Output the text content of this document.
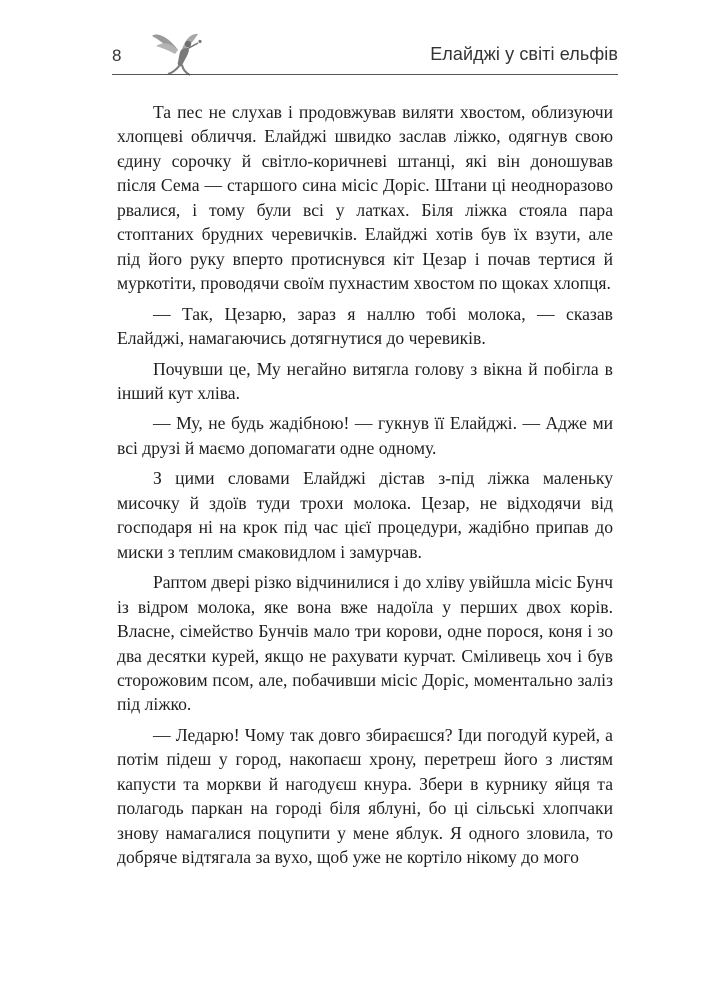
8	Елайджі у світі ельфів

Та пес не слухав і продовжував виляти хвостом, облизуючи хлопцеві обличчя. Елайджі швидко заслав ліжко, одягнув свою єдину сорочку й світло-коричневі штанці, які він доношував після Сема — старшого сина місіс Доріс. Штани ці неодноразово рвалися, і тому були всі у латках. Біля ліжка стояла пара стоптаних брудних черевичків. Елайджі хотів був їх взути, але під його руку вперто протиснувся кіт Цезар і почав тертися й муркотіти, проводячи своїм пухнастим хвостом по щоках хлопця.

— Так, Цезарю, зараз я наллю тобі молока, — сказав Елайджі, намагаючись дотягнутися до черевиків.

Почувши це, Му негайно витягла голову з вікна й побігла в інший кут хліва.

— Му, не будь жадібною! — гукнув її Елайджі. — Адже ми всі друзі й маємо допомагати одне одному.

З цими словами Елайджі дістав з-під ліжка маленьку мисочку й здоїв туди трохи молока. Цезар, не відходячи від господаря ні на крок під час цієї процедури, жадібно припав до миски з теплим смаковидлом і замурчав.

Раптом двері різко відчинилися і до хліву увійшла місіс Бунч із відром молока, яке вона вже надоїла у перших двох корів. Власне, сімейство Бунчів мало три корови, одне порося, коня і зо два десятки курей, якщо не рахувати курчат. Сміливець хоч і був сторожовим псом, але, побачивши місіс Доріс, моментально заліз під ліжко.

— Ледарю! Чому так довго збираєшся? Іди погодуй курей, а потім підеш у город, накопаєш хрону, перетреш його з листям капусти та моркви й нагодуєш кнура. Збери в курнику яйця та полагодь паркан на городі біля яблуні, бо ці сільські хлопчаки знову намагалися поцупити у мене яблук. Я одного зловила, то добряче відтягала за вухо, щоб уже не кортіло нікому до мого
